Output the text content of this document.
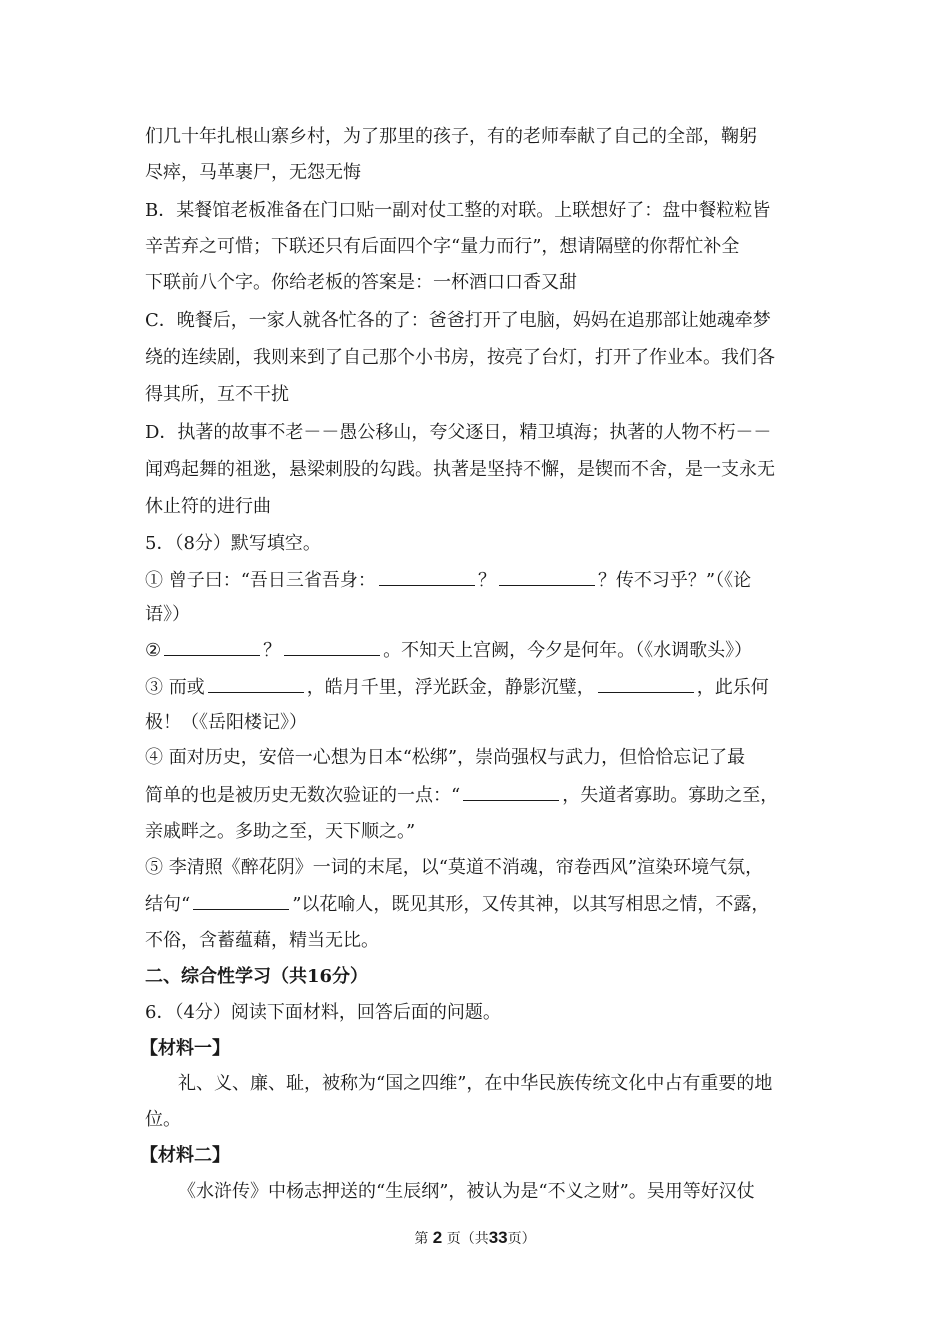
们几十年扎根山寨乡村，为了那里的孩子，有的老师奉献了自己的全部，鞠躬
尽瘁，马革裹尸，无怨无悔
B．某餐馆老板准备在门口贴一副对仗工整的对联。上联想好了：盘中餐粒粒皆
辛苦弃之可惜；下联还只有后面四个字“量力而行”，想请隔壁的你帮忙补全
下联前八个字。你给老板的答案是：一杯酒口口香又甜
C．晚餐后，一家人就各忙各的了：爸爸打开了电脑，妈妈在追那部让她魂牵梦
绕的连续剧，我则来到了自己那个小书房，按亮了台灯，打开了作业本。我们各
得其所，互不干扰
D．执著的故事不老－－愚公移山，夸父逐日，精卫填海；执著的人物不朽－－
闻鸡起舞的祖逖，悬梁刺股的勾践。执著是坚持不懈，是锲而不舍，是一支永无
休止符的进行曲
5．（8分）默写填空。
① 曾子曰：“吾日三省吾身：	？	？传不习乎？”（《论
语》）
②	？	。不知天上宫阙，今夕是何年。（《水调歌头》）
③ 而或	，皓月千里，浮光跃金，静影沉璧，	，此乐何
极！（《岳阳楼记》）
④ 面对历史，安倍一心想为日本“松绑”，崇尚强权与武力，但恰恰忘记了最
简单的也是被历史无数次验证的一点：“	，失道者寡助。寡助之至，
亲戚畔之。多助之至，天下顺之。”
⑤ 李清照《醉花阴》一词的末尾，以“莫道不消魂，帘卷西风”渲染环境气氛，
结句“	”以花喻人，既见其形，又传其神，以其写相思之情，不露，
不俗，含蓄蕴藉，精当无比。
二、综合性学习（共16分）
6．（4分）阅读下面材料，回答后面的问题。
【材料一】
礼、义、廉、耻，被称为“国之四维”，在中华民族传统文化中占有重要的地
位。
【材料二】
《水浒传》中杨志押送的“生辰纲”，被认为是“不义之财”。吴用等好汉仗
第 2 页（共33页）
